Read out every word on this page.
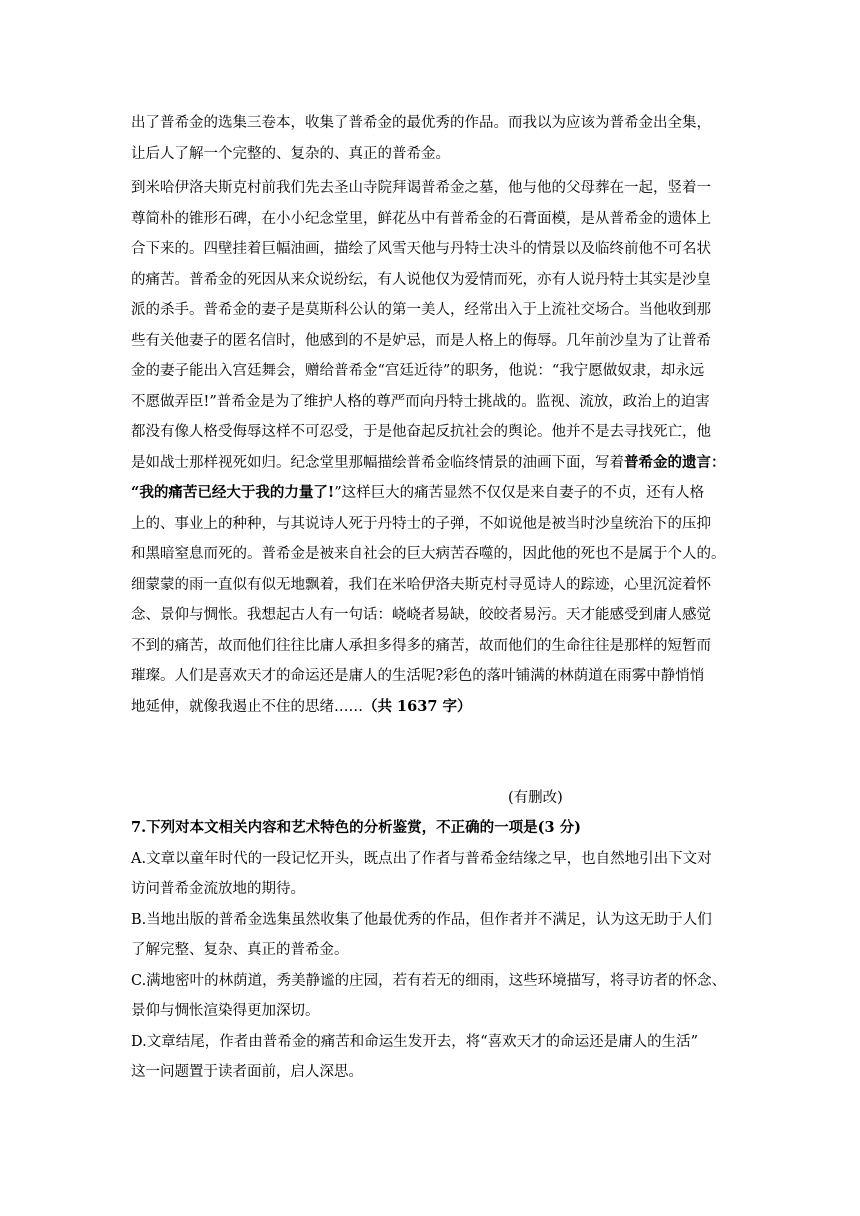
出了普希金的选集三卷本，收集了普希金的最优秀的作品。而我以为应该为普希金出全集，
让后人了解一个完整的、复杂的、真正的普希金。

到米哈伊洛夫斯克村前我们先去圣山寺院拜谒普希金之墓，他与他的父母葬在一起，竖着一
尊简朴的锥形石碑，在小小纪念堂里，鲜花丛中有普希金的石膏面模，是从普希金的遗体上
合下来的。四壁挂着巨幅油画，描绘了风雪天他与丹特士决斗的情景以及临终前他不可名状
的痛苦。普希金的死因从来众说纷纭，有人说他仅为爱情而死，亦有人说丹特士其实是沙皇
派的杀手。普希金的妻子是莫斯科公认的第一美人，经常出入于上流社交场合。当他收到那
些有关他妻子的匿名信时，他感到的不是妒忌，而是人格上的侮辱。几年前沙皇为了让普希
金的妻子能出入宫廷舞会，赠给普希金“宫廷近待”的职务，他说：“我宁愿做奴隶，却永远
不愿做弄臣!”普希金是为了维护人格的尊严而向丹特士挑战的。监视、流放，政治上的迫害
都没有像人格受侮辱这样不可忍受，于是他奋起反抗社会的舆论。他并不是去寻找死亡，他
是如战士那样视死如归。纪念堂里那幅描绘普希金临终情景的油画下面，写着普希金的遗言：
“我的痛苦已经大于我的力量了!”这样巨大的痛苦显然不仅仅是来自妻子的不贞，还有人格
上的、事业上的种种，与其说诗人死于丹特士的子弹，不如说他是被当时沙皇统治下的压抑
和黑暗窒息而死的。普希金是被来自社会的巨大病苦吞噬的，因此他的死也不是属于个人的。
细蒙蒙的雨一直似有似无地飘着，我们在米哈伊洛夫斯克村寻觅诗人的踪迹，心里沉淀着怀
念、景仰与惆怅。我想起古人有一句话：峣峣者易缺，皎皎者易污。天才能感受到庸人感觉
不到的痛苦，故而他们往往比庸人承担多得多的痛苦，故而他们的生命往往是那样的短暂而
璀璨。人们是喜欢天才的命运还是庸人的生活呢?彩色的落叶铺满的林荫道在雨雾中静悄悄
地延伸，就像我遏止不住的思绪……（共 1637 字）

(有删改)

7.下列对本文相关内容和艺术特色的分析鉴赏，不正确的一项是(3 分)

A.文章以童年时代的一段记忆开头，既点出了作者与普希金结缘之早，也自然地引出下文对
访问普希金流放地的期待。

B.当地出版的普希金选集虽然收集了他最优秀的作品，但作者并不满足，认为这无助于人们
了解完整、复杂、真正的普希金。

C.满地密叶的林荫道，秀美静谧的庄园，若有若无的细雨，这些环境描写，将寻访者的怀念、
景仰与惆怅渲染得更加深切。

D.文章结尾，作者由普希金的痛苦和命运生发开去，将“喜欢天才的命运还是庸人的生活”
这一问题置于读者面前，启人深思。
